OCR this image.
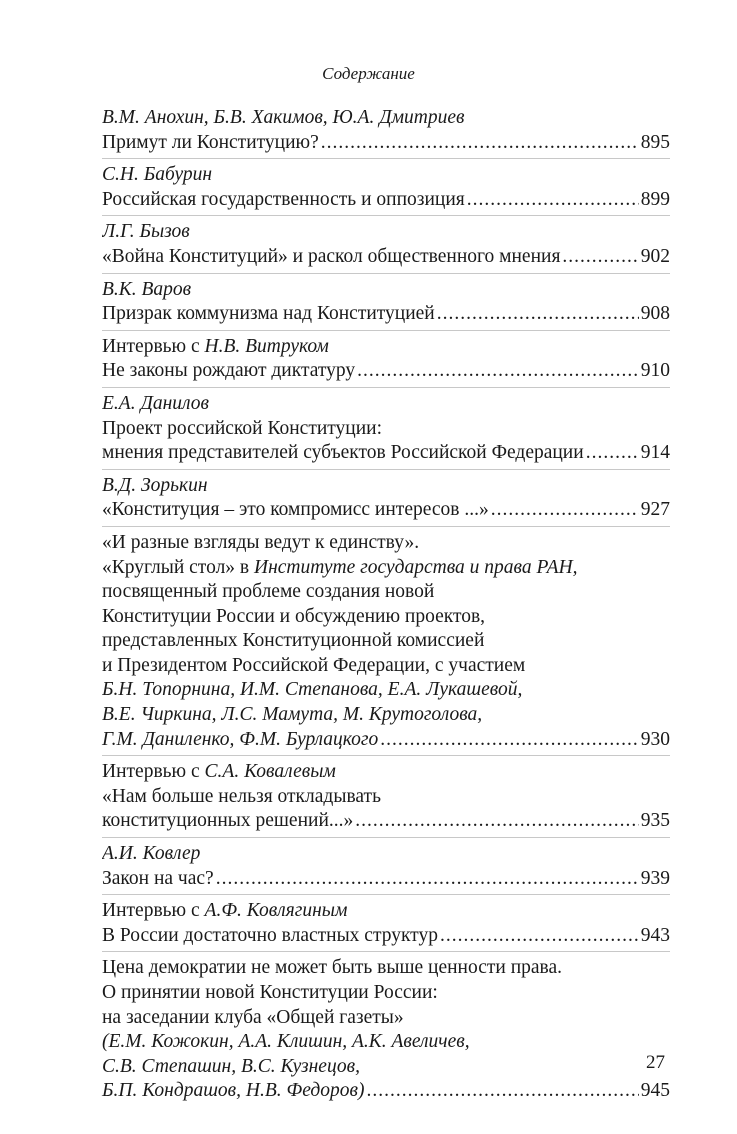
Содержание
В.М. Анохин, Б.В. Хакимов, Ю.А. Дмитриев
Примут ли Конституцию? .....	895
С.Н. Бабурин
Российская государственность и оппозиция .....	899
Л.Г. Бызов
«Война Конституций» и раскол общественного мнения .....	902
В.К. Варов
Призрак коммунизма над Конституцией .....	908
Интервью с Н.В. Витруком
Не законы рождают диктатуру .....	910
Е.А. Данилов
Проект российской Конституции:
мнения представителей субъектов Российской Федерации .....	914
В.Д. Зорькин
«Конституция – это компромисс интересов ...» .....	927
«И разные взгляды ведут к единству».
«Круглый стол» в Институте государства и права РАН,
посвященный проблеме создания новой
Конституции России и обсуждению проектов,
представленных Конституционной комиссией
и Президентом Российской Федерации, с участием
Б.Н. Топорнина, И.М. Степанова, Е.А. Лукашевой,
В.Е. Чиркина, Л.С. Мамута, М. Крутоголова,
Г.М. Даниленко, Ф.М. Бурлацкого .....	930
Интервью с С.А. Ковалевым
«Нам больше нельзя откладывать
конституционных решений...» .....	935
А.И. Ковлер
Закон на час? .....	939
Интервью с А.Ф. Ковлягиным
В России достаточно властных структур .....	943
Цена демократии не может быть выше ценности права.
О принятии новой Конституции России:
на заседании клуба «Общей газеты»
(Е.М. Кожокин, А.А. Клишин, А.К. Авеличев,
С.В. Степашин, В.С. Кузнецов,
Б.П. Кондрашов, Н.В. Федоров) .....	945
27
